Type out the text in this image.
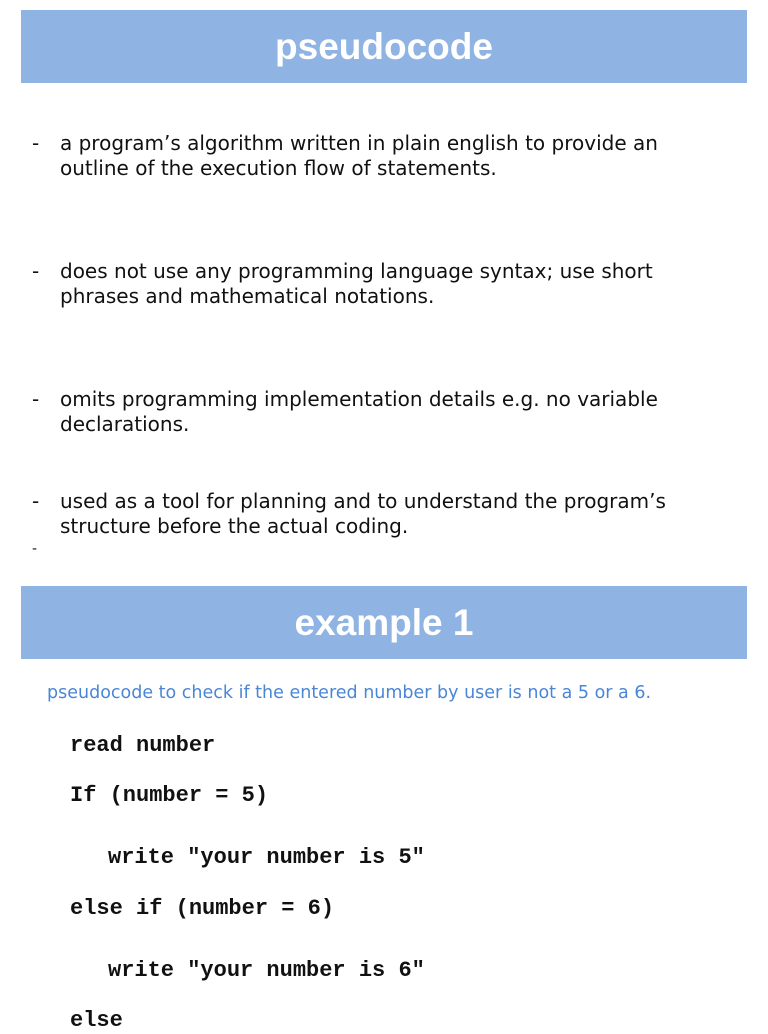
pseudocode
-	a program’s algorithm written in plain english to provide an outline of the execution flow of statements.
-	does not use any programming language syntax; use short phrases and mathematical notations.
-	omits programming implementation details e.g. no variable declarations.
-	used as a tool for planning and to understand the program’s structure before the actual coding.
-
example 1
pseudocode to check if the entered number by user is not a 5 or a 6.
read number
If (number = 5)
write "your number is 5"
else if (number = 6)
write "your number is 6"
else
